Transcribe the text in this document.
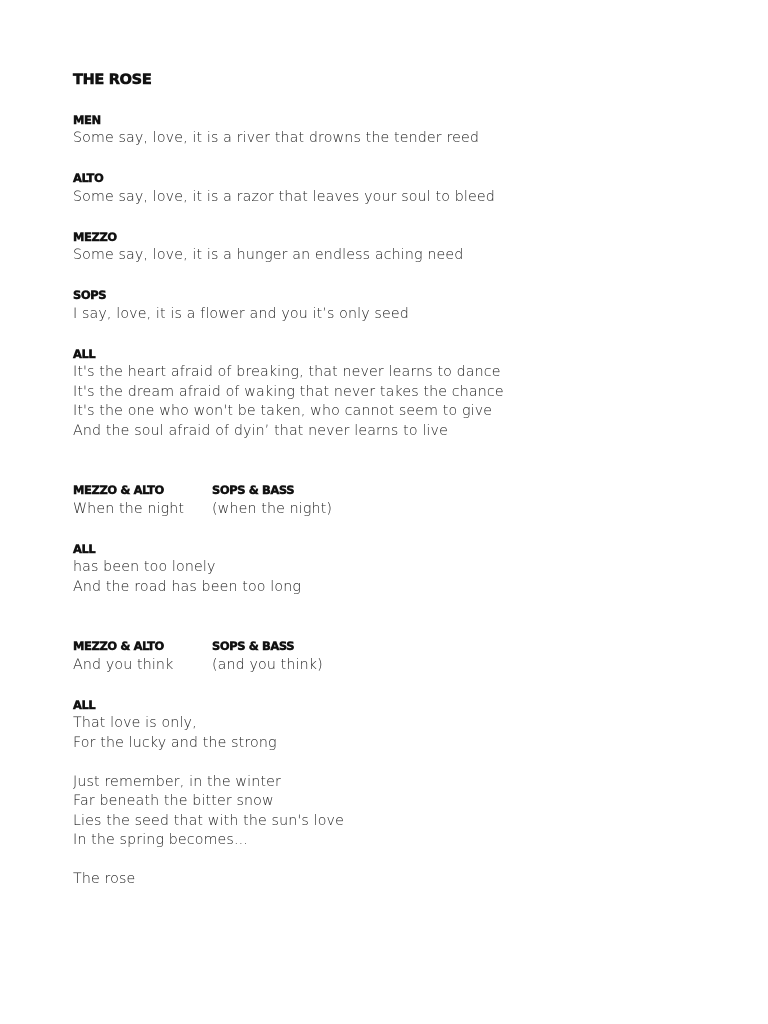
THE ROSE
MEN
Some say, love, it is a river that drowns the tender reed
ALTO
Some say, love, it is a razor that leaves your soul to bleed
MEZZO
Some say, love, it is a hunger an endless aching need
SOPS
I say, love, it is a flower and you it’s only seed
ALL
It's the heart afraid of breaking, that never learns to dance
It's the dream afraid of waking that never takes the chance
It's the one who won't be taken, who cannot seem to give
And the soul afraid of dyin’ that never learns to live
MEZZO & ALTO	SOPS & BASS
When the night	(when the night)
ALL
has been too lonely
And the road has been too long
MEZZO & ALTO	SOPS & BASS
And you think	(and you think)
ALL
That love is only,
For the lucky and the strong
Just remember, in the winter
Far beneath the bitter snow
Lies the seed that with the sun's love
In the spring becomes...
The rose
